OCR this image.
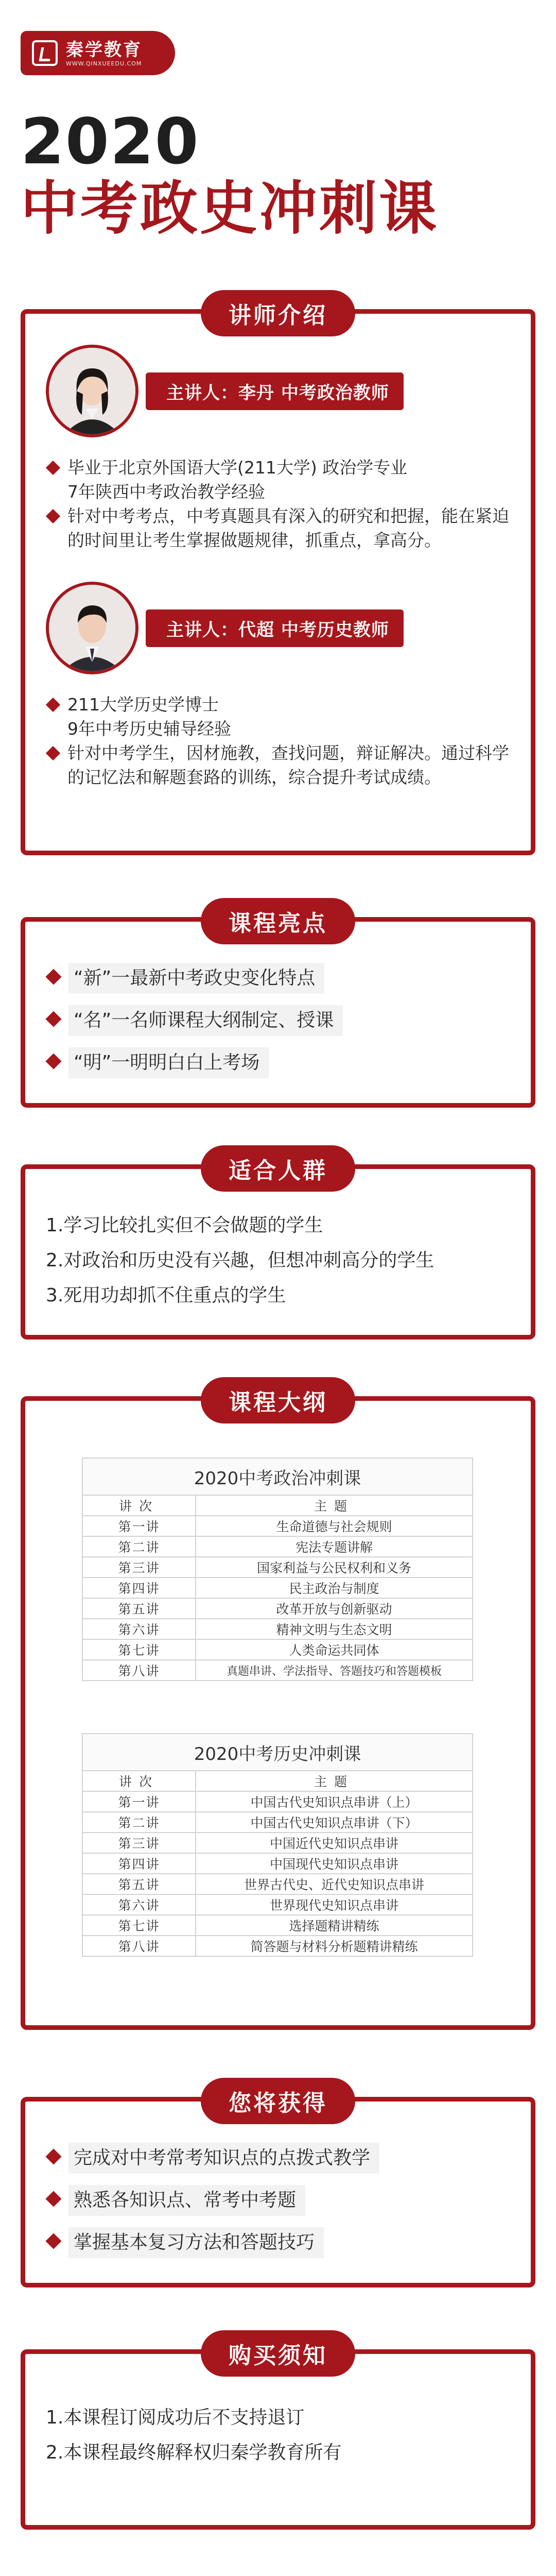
秦学教育
WWW.QINXUEEDU.COM
2020
中考政史冲刺课
讲师介绍
主讲人：李丹 中考政治教师
毕业于北京外国语大学(211大学) 政治学专业
7年陕西中考政治教学经验
针对中考考点，中考真题具有深入的研究和把握，能在紧迫的时间里让考生掌握做题规律，抓重点，拿高分。
主讲人：代超 中考历史教师
211大学历史学博士
9年中考历史辅导经验
针对中考学生，因材施教，查找问题，辩证解决。通过科学的记忆法和解题套路的训练，综合提升考试成绩。
课程亮点
“新”一最新中考政史变化特点
“名”一名师课程大纲制定、授课
“明”一明明白白上考场
适合人群
1.学习比较扎实但不会做题的学生
2.对政治和历史没有兴趣，但想冲刺高分的学生
3.死用功却抓不住重点的学生
课程大纲
2020中考政治冲刺课	
讲次	主题
第一讲	生命道德与社会规则
第二讲	宪法专题讲解
第三讲	国家利益与公民权利和义务
第四讲	民主政治与制度
第五讲	改革开放与创新驱动
第六讲	精神文明与生态文明
第七讲	人类命运共同体
第八讲	真题串讲、学法指导、答题技巧和答题模板
2020中考历史冲刺课	
讲次	主题
第一讲	中国古代史知识点串讲（上）
第二讲	中国古代史知识点串讲（下）
第三讲	中国近代史知识点串讲
第四讲	中国现代史知识点串讲
第五讲	世界古代史、近代史知识点串讲
第六讲	世界现代史知识点串讲
第七讲	选择题精讲精练
第八讲	简答题与材料分析题精讲精练
您将获得
完成对中考常考知识点的点拨式教学
熟悉各知识点、常考中考题
掌握基本复习方法和答题技巧
购买须知
1.本课程订阅成功后不支持退订
2.本课程最终解释权归秦学教育所有
